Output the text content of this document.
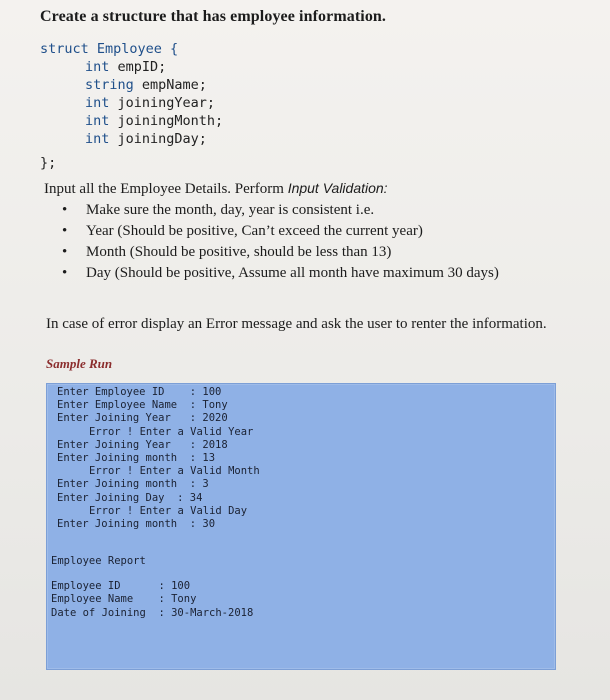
Create a structure that has employee information.
struct Employee {
int empID;
string empName;
int joiningYear;
int joiningMonth;
int joiningDay;
};
Input all the Employee Details. Perform Input Validation:
•	Make sure the month, day, year is consistent i.e.
•	Year (Should be positive, Can’t exceed the current year)
•	Month (Should be positive, should be less than 13)
•	Day (Should be positive, Assume all month have maximum 30 days)
In case of error display an Error message and ask the user to renter the information.
Sample Run
Enter Employee ID    : 100
Enter Employee Name  : Tony
Enter Joining Year   : 2020
Error ! Enter a Valid Year
Enter Joining Year   : 2018
Enter Joining month  : 13
Error ! Enter a Valid Month
Enter Joining month  : 3
Enter Joining Day  : 34
Error ! Enter a Valid Day
Enter Joining month  : 30
Employee Report
Employee ID      : 100
Employee Name    : Tony
Date of Joining  : 30-March-2018
